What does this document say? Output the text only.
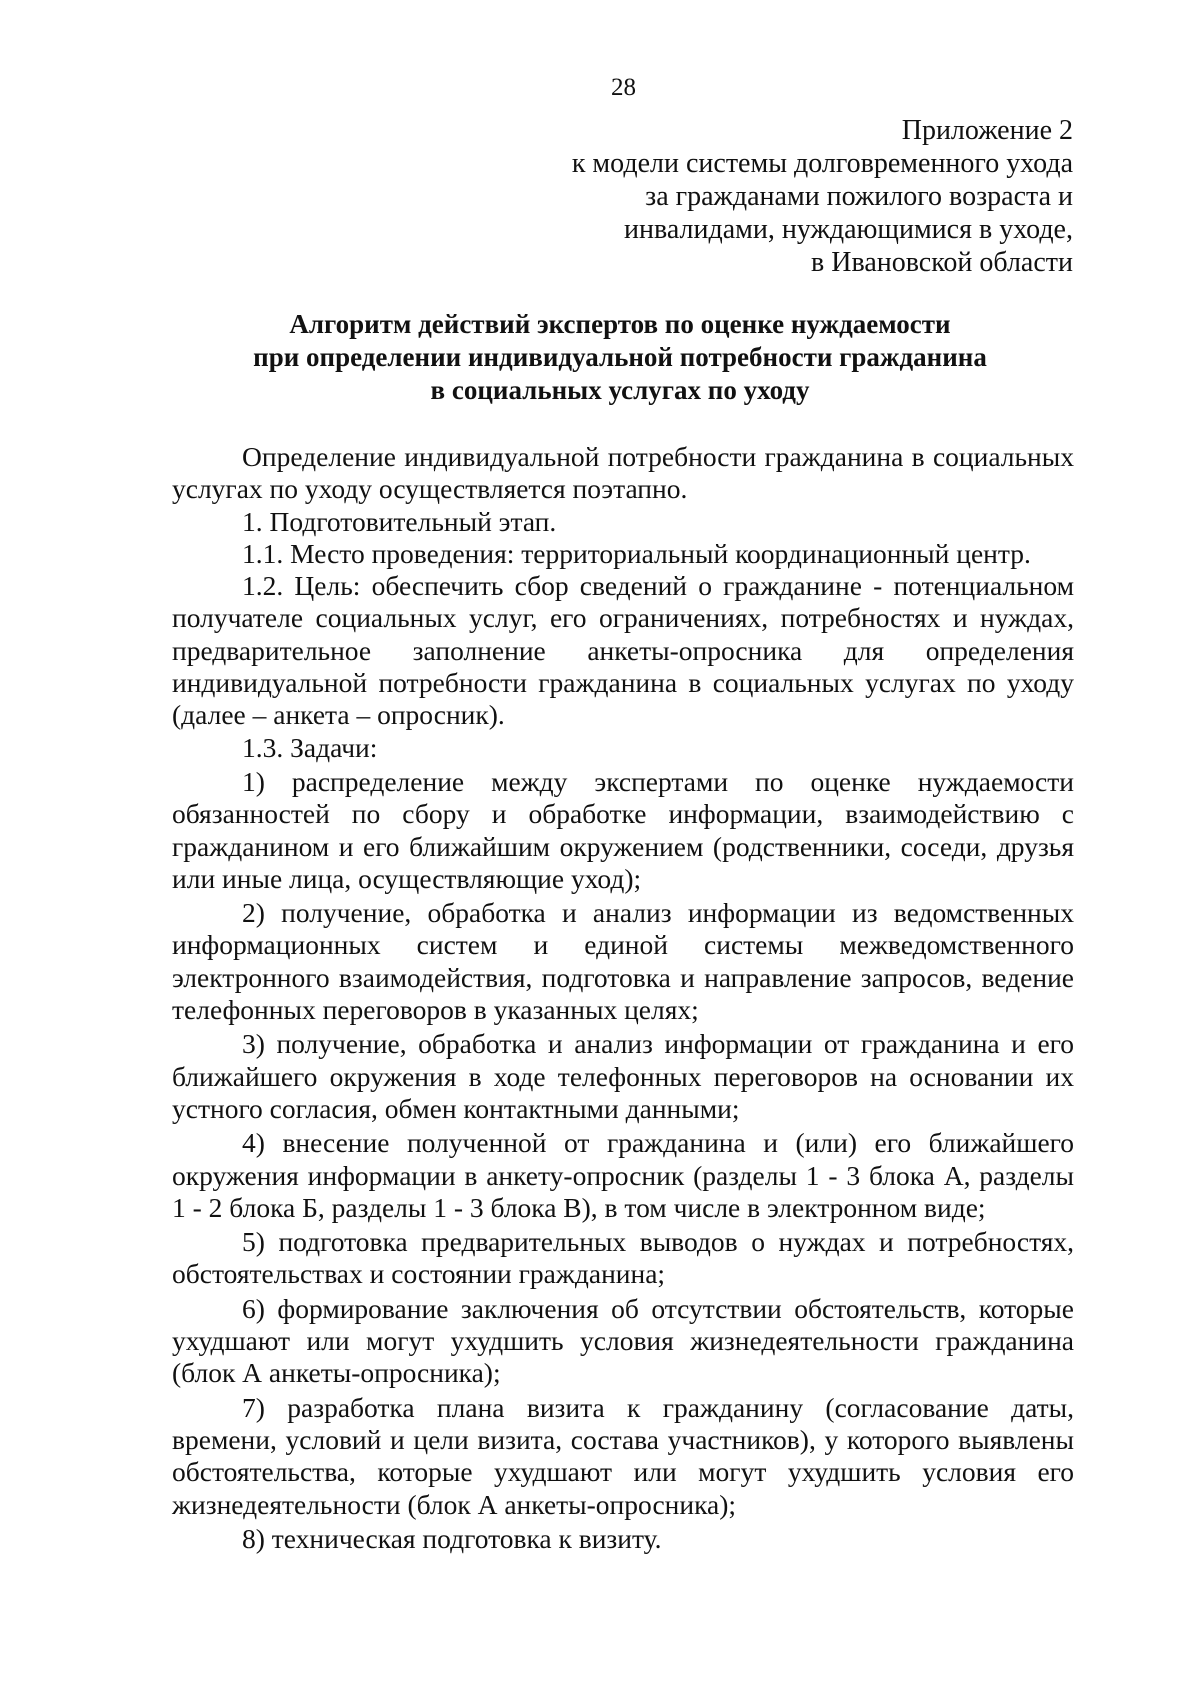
28
Приложение 2
к модели системы долговременного ухода
за гражданами пожилого возраста и
инвалидами, нуждающимися в уходе,
в Ивановской области
Алгоритм действий экспертов по оценке нуждаемости
при определении индивидуальной потребности гражданина
в социальных услугах по уходу

Определение индивидуальной потребности гражданина в социальных услугах по уходу осуществляется поэтапно.

1. Подготовительный этап.

1.1. Место проведения: территориальный координационный центр.

1.2. Цель: обеспечить сбор сведений о гражданине - потенциальном получателе социальных услуг, его ограничениях, потребностях и нуждах, предварительное заполнение анкеты-опросника для определения индивидуальной потребности гражданина в социальных услугах по уходу (далее – анкета – опросник).

1.3. Задачи:

1) распределение между экспертами по оценке нуждаемости обязанностей по сбору и обработке информации, взаимодействию с гражданином и его ближайшим окружением (родственники, соседи, друзья или иные лица, осуществляющие уход);

2) получение, обработка и анализ информации из ведомственных информационных систем и единой системы межведомственного электронного взаимодействия, подготовка и направление запросов, ведение телефонных переговоров в указанных целях;

3) получение, обработка и анализ информации от гражданина и его ближайшего окружения в ходе телефонных переговоров на основании их устного согласия, обмен контактными данными;

4) внесение полученной от гражданина и (или) его ближайшего окружения информации в анкету-опросник (разделы 1 - 3 блока А, разделы 1 - 2 блока Б, разделы 1 - 3 блока В), в том числе в электронном виде;

5) подготовка предварительных выводов о нуждах и потребностях, обстоятельствах и состоянии гражданина;

6) формирование заключения об отсутствии обстоятельств, которые ухудшают или могут ухудшить условия жизнедеятельности гражданина (блок А анкеты-опросника);

7) разработка плана визита к гражданину (согласование даты, времени, условий и цели визита, состава участников), у которого выявлены обстоятельства, которые ухудшают или могут ухудшить условия его жизнедеятельности (блок А анкеты-опросника);

8) техническая подготовка к визиту.
